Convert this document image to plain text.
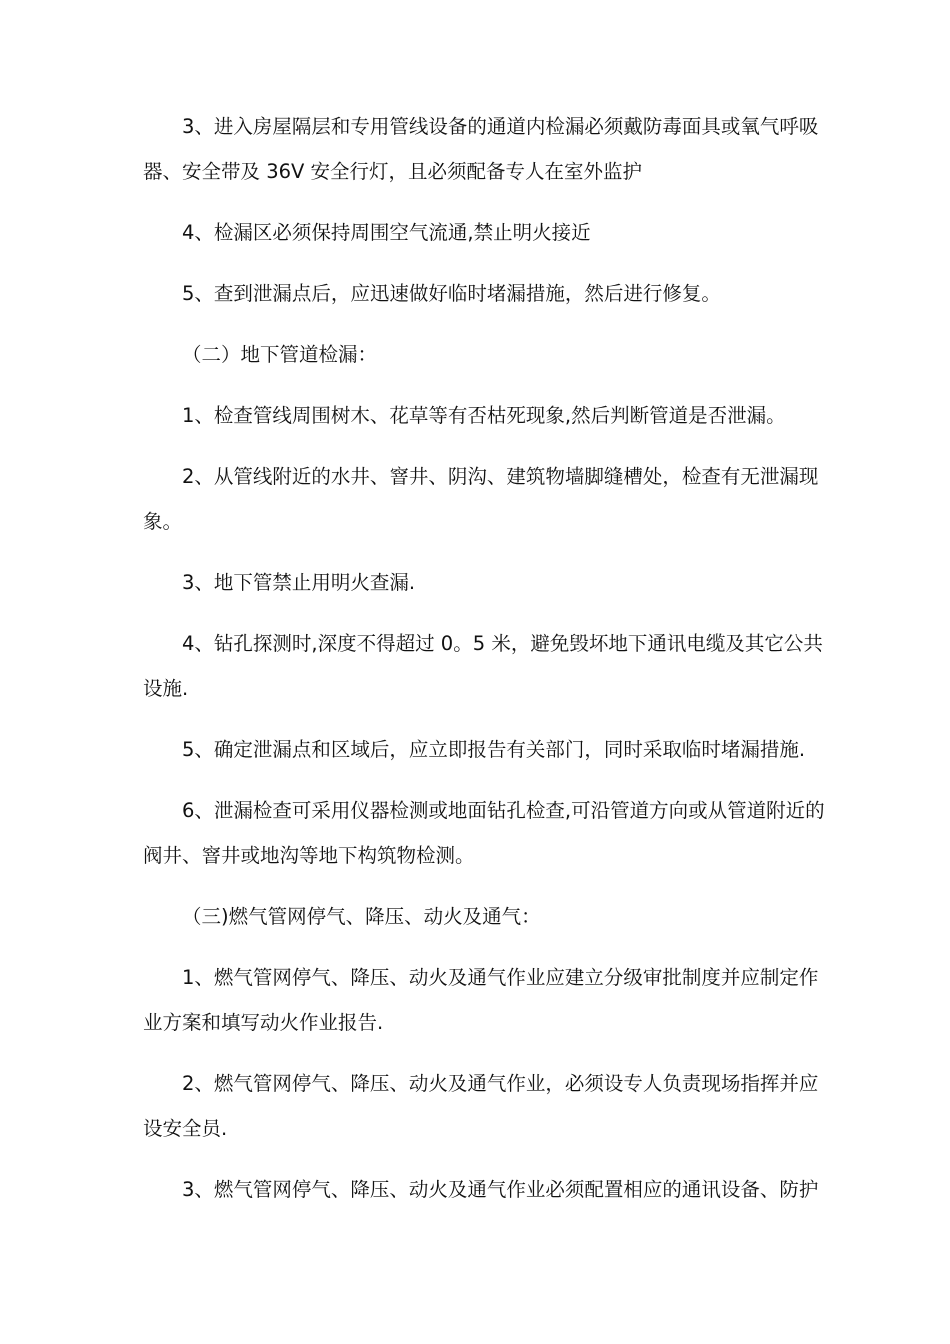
3、进入房屋隔层和专用管线设备的通道内检漏必须戴防毒面具或氧气呼吸
器、安全带及 36V 安全行灯，且必须配备专人在室外监护

4、检漏区必须保持周围空气流通,禁止明火接近

5、查到泄漏点后，应迅速做好临时堵漏措施，然后进行修复。

（二）地下管道检漏：

1、检查管线周围树木、花草等有否枯死现象,然后判断管道是否泄漏。

2、从管线附近的水井、窨井、阴沟、建筑物墙脚缝槽处，检查有无泄漏现
象。

3、地下管禁止用明火查漏.

4、钻孔探测时,深度不得超过 0。5 米，避免毁坏地下通讯电缆及其它公共
设施.

5、确定泄漏点和区域后，应立即报告有关部门，同时采取临时堵漏措施.

6、泄漏检查可采用仪器检测或地面钻孔检查,可沿管道方向或从管道附近的
阀井、窨井或地沟等地下构筑物检测。

（三)燃气管网停气、降压、动火及通气：

1、燃气管网停气、降压、动火及通气作业应建立分级审批制度并应制定作
业方案和填写动火作业报告.

2、燃气管网停气、降压、动火及通气作业，必须设专人负责现场指挥并应
设安全员.

3、燃气管网停气、降压、动火及通气作业必须配置相应的通讯设备、防护
